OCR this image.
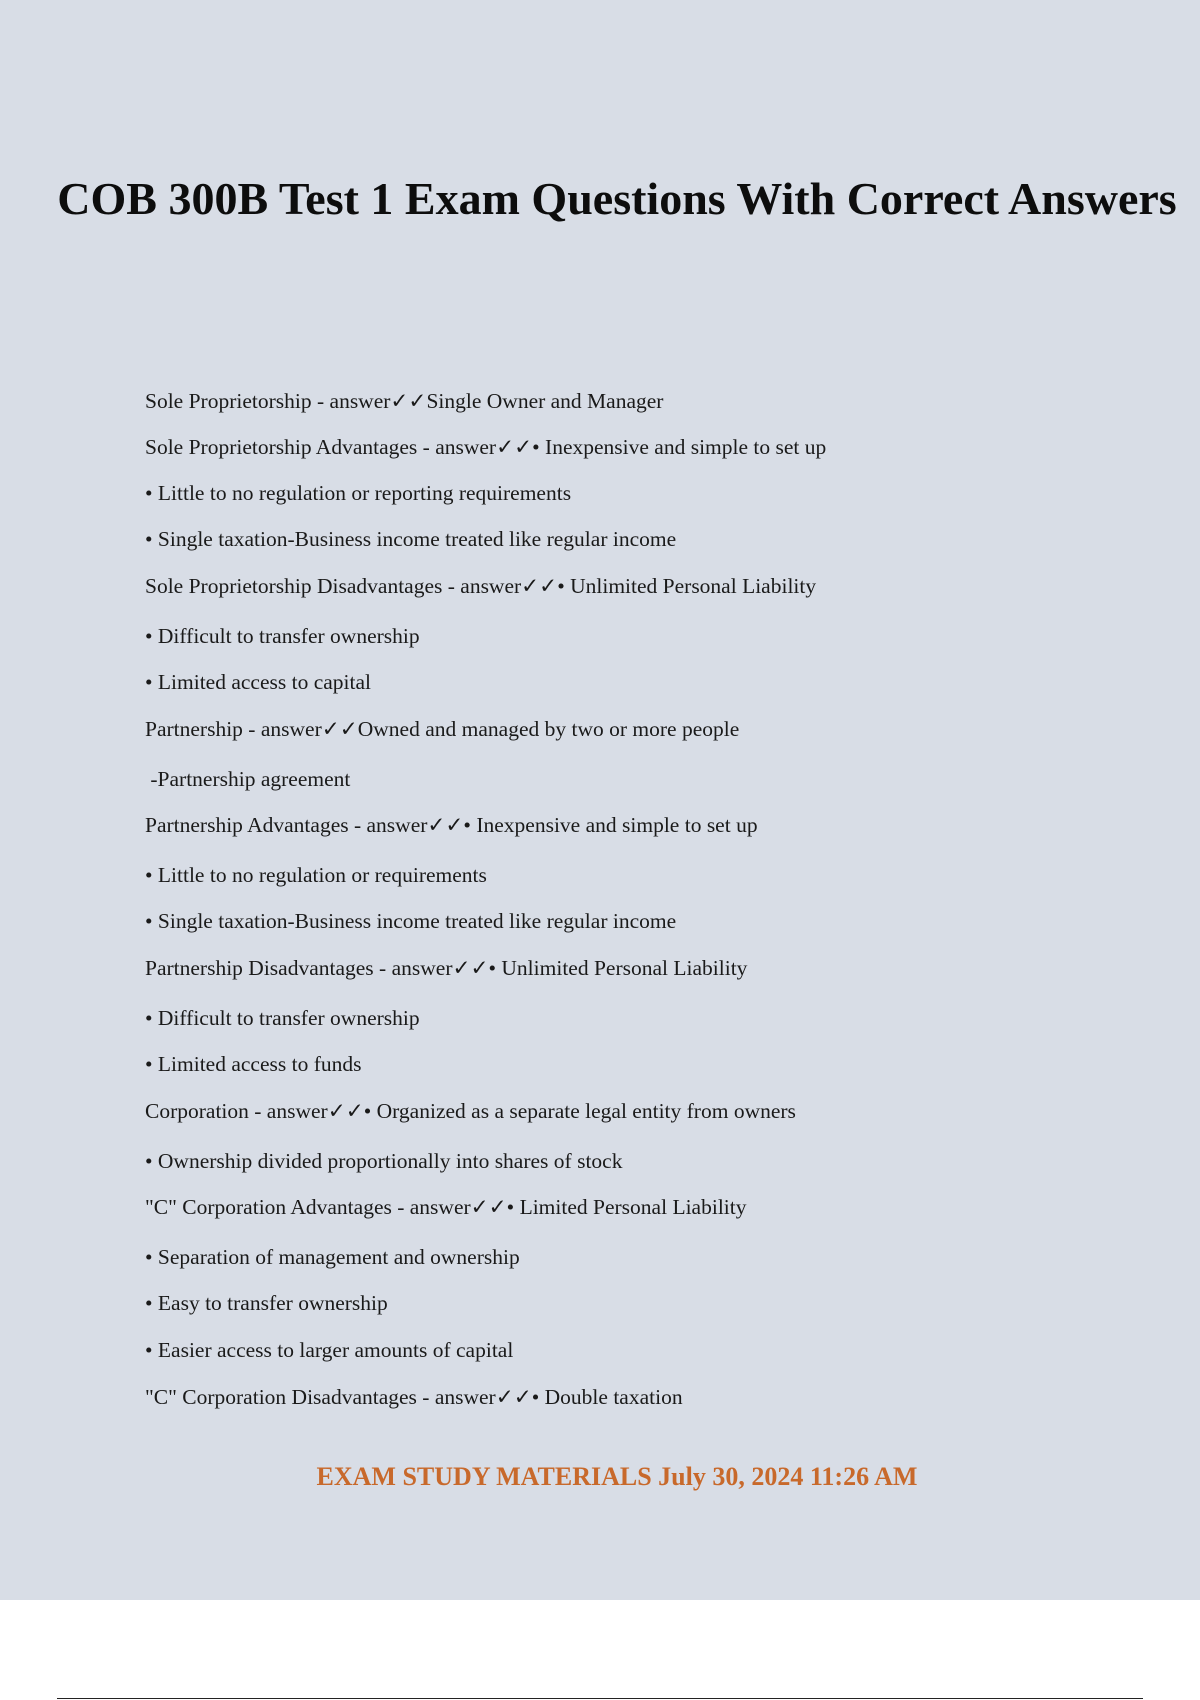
COB 300B Test 1 Exam Questions With Correct Answers
Sole Proprietorship - answer✓✓Single Owner and Manager
Sole Proprietorship Advantages - answer✓✓• Inexpensive and simple to set up
• Little to no regulation or reporting requirements
• Single taxation-Business income treated like regular income
Sole Proprietorship Disadvantages - answer✓✓• Unlimited Personal Liability
• Difficult to transfer ownership
• Limited access to capital
Partnership - answer✓✓Owned and managed by two or more people
-Partnership agreement
Partnership Advantages - answer✓✓• Inexpensive and simple to set up
• Little to no regulation or requirements
• Single taxation-Business income treated like regular income
Partnership Disadvantages - answer✓✓• Unlimited Personal Liability
• Difficult to transfer ownership
• Limited access to funds
Corporation - answer✓✓• Organized as a separate legal entity from owners
• Ownership divided proportionally into shares of stock
"C" Corporation Advantages - answer✓✓• Limited Personal Liability
• Separation of management and ownership
• Easy to transfer ownership
• Easier access to larger amounts of capital
"C" Corporation Disadvantages - answer✓✓• Double taxation
EXAM STUDY MATERIALS July 30, 2024 11:26 AM
